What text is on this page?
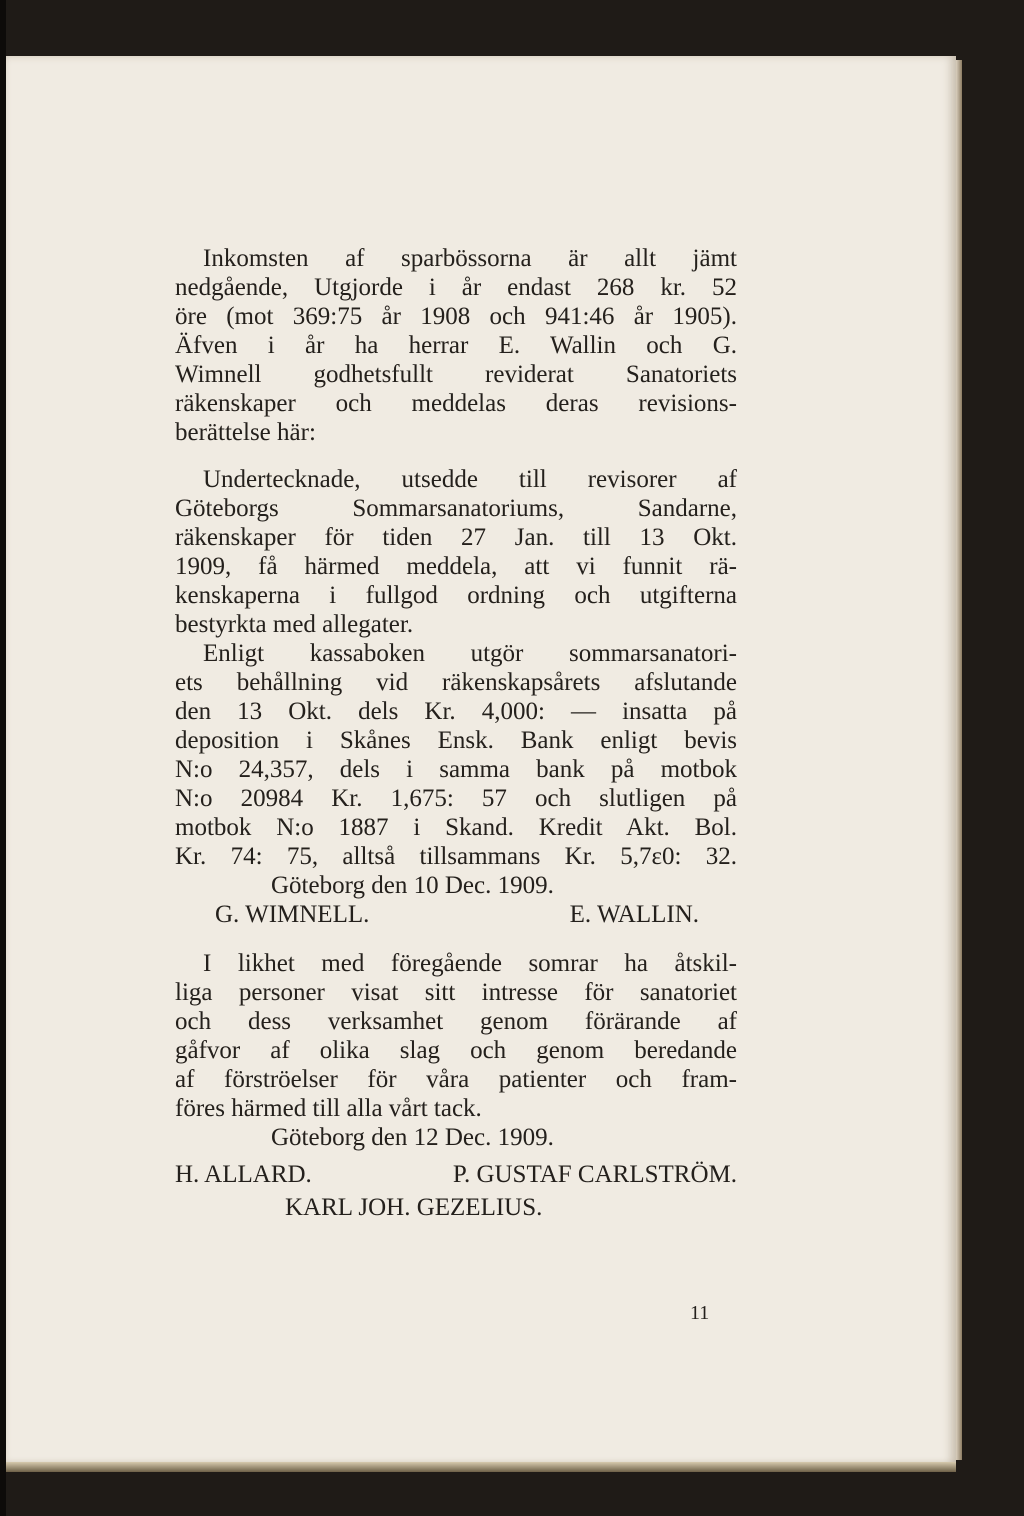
Inkomsten af sparbössorna är allt jämt
nedgående, Utgjorde i år endast 268 kr. 52
öre (mot 369:75 år 1908 och 941:46 år 1905).
Äfven i år ha herrar E. Wallin och G.
Wimnell godhetsfullt reviderat Sanatoriets
räkenskaper och meddelas deras revisions-
berättelse här:
Undertecknade, utsedde till revisorer af
Göteborgs Sommarsanatoriums, Sandarne,
räkenskaper för tiden 27 Jan. till 13 Okt.
1909, få härmed meddela, att vi funnit rä-
kenskaperna i fullgod ordning och utgifterna
bestyrkta med allegater.
Enligt kassaboken utgör sommarsanatori-
ets behållning vid räkenskapsårets afslutande
den 13 Okt. dels Kr. 4,000: — insatta på
deposition i Skånes Ensk. Bank enligt bevis
N:o 24,357, dels i samma bank på motbok
N:o 20984 Kr. 1,675: 57 och slutligen på
motbok N:o 1887 i Skand. Kredit Akt. Bol.
Kr. 74: 75, alltså tillsammans Kr. 5,7ɛ0: 32.
Göteborg den 10 Dec. 1909.
G. WIMNELL.	E. WALLIN.
I likhet med föregående somrar ha åtskil-
liga personer visat sitt intresse för sanatoriet
och dess verksamhet genom förärande af
gåfvor af olika slag och genom beredande
af förströelser för våra patienter och fram-
föres härmed till alla vårt tack.
Göteborg den 12 Dec. 1909.
H. ALLARD.	P. GUSTAF CARLSTRÖM.
KARL JOH. GEZELIUS.
11
